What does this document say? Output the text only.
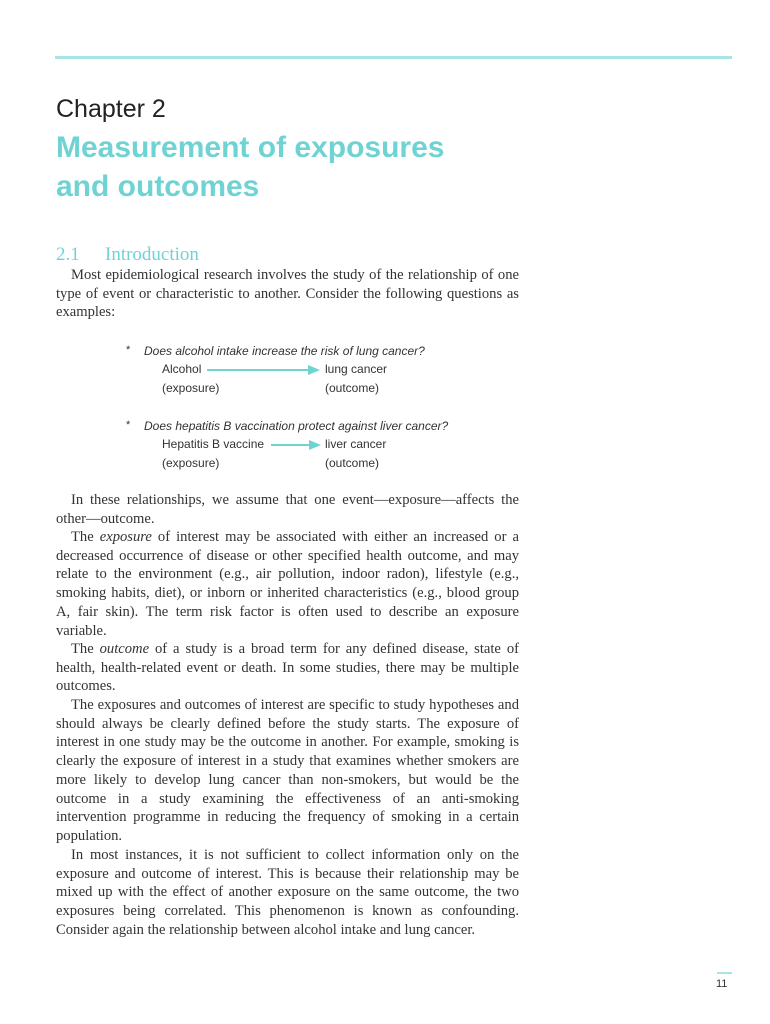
Chapter 2
Measurement of exposures
and outcomes
2.1 Introduction

Most epidemiological research involves the study of the relationship of one type of event or characteristic to another. Consider the following questions as examples:

* Does alcohol intake increase the risk of lung cancer?
Alcohol	lung cancer
(exposure)	(outcome)
* Does hepatitis B vaccination protect against liver cancer?
Hepatitis B vaccine	liver cancer
(exposure)	(outcome)

In these relationships, we assume that one event—exposure—affects the other—outcome.

The exposure of interest may be associated with either an increased or a decreased occurrence of disease or other specified health outcome, and may relate to the environment (e.g., air pollution, indoor radon), lifestyle (e.g., smoking habits, diet), or inborn or inherited characteristics (e.g., blood group A, fair skin). The term risk factor is often used to describe an exposure variable.

The outcome of a study is a broad term for any defined disease, state of health, health-related event or death. In some studies, there may be multiple outcomes.

The exposures and outcomes of interest are specific to study hypotheses and should always be clearly defined before the study starts. The exposure of interest in one study may be the outcome in another. For example, smoking is clearly the exposure of interest in a study that examines whether smokers are more likely to develop lung cancer than non-smokers, but would be the outcome in a study examining the effectiveness of an anti-smoking intervention programme in reducing the frequency of smoking in a certain population.

In most instances, it is not sufficient to collect information only on the exposure and outcome of interest. This is because their relationship may be mixed up with the effect of another exposure on the same outcome, the two exposures being correlated. This phenomenon is known as confounding. Consider again the relationship between alcohol intake and lung cancer.

11
